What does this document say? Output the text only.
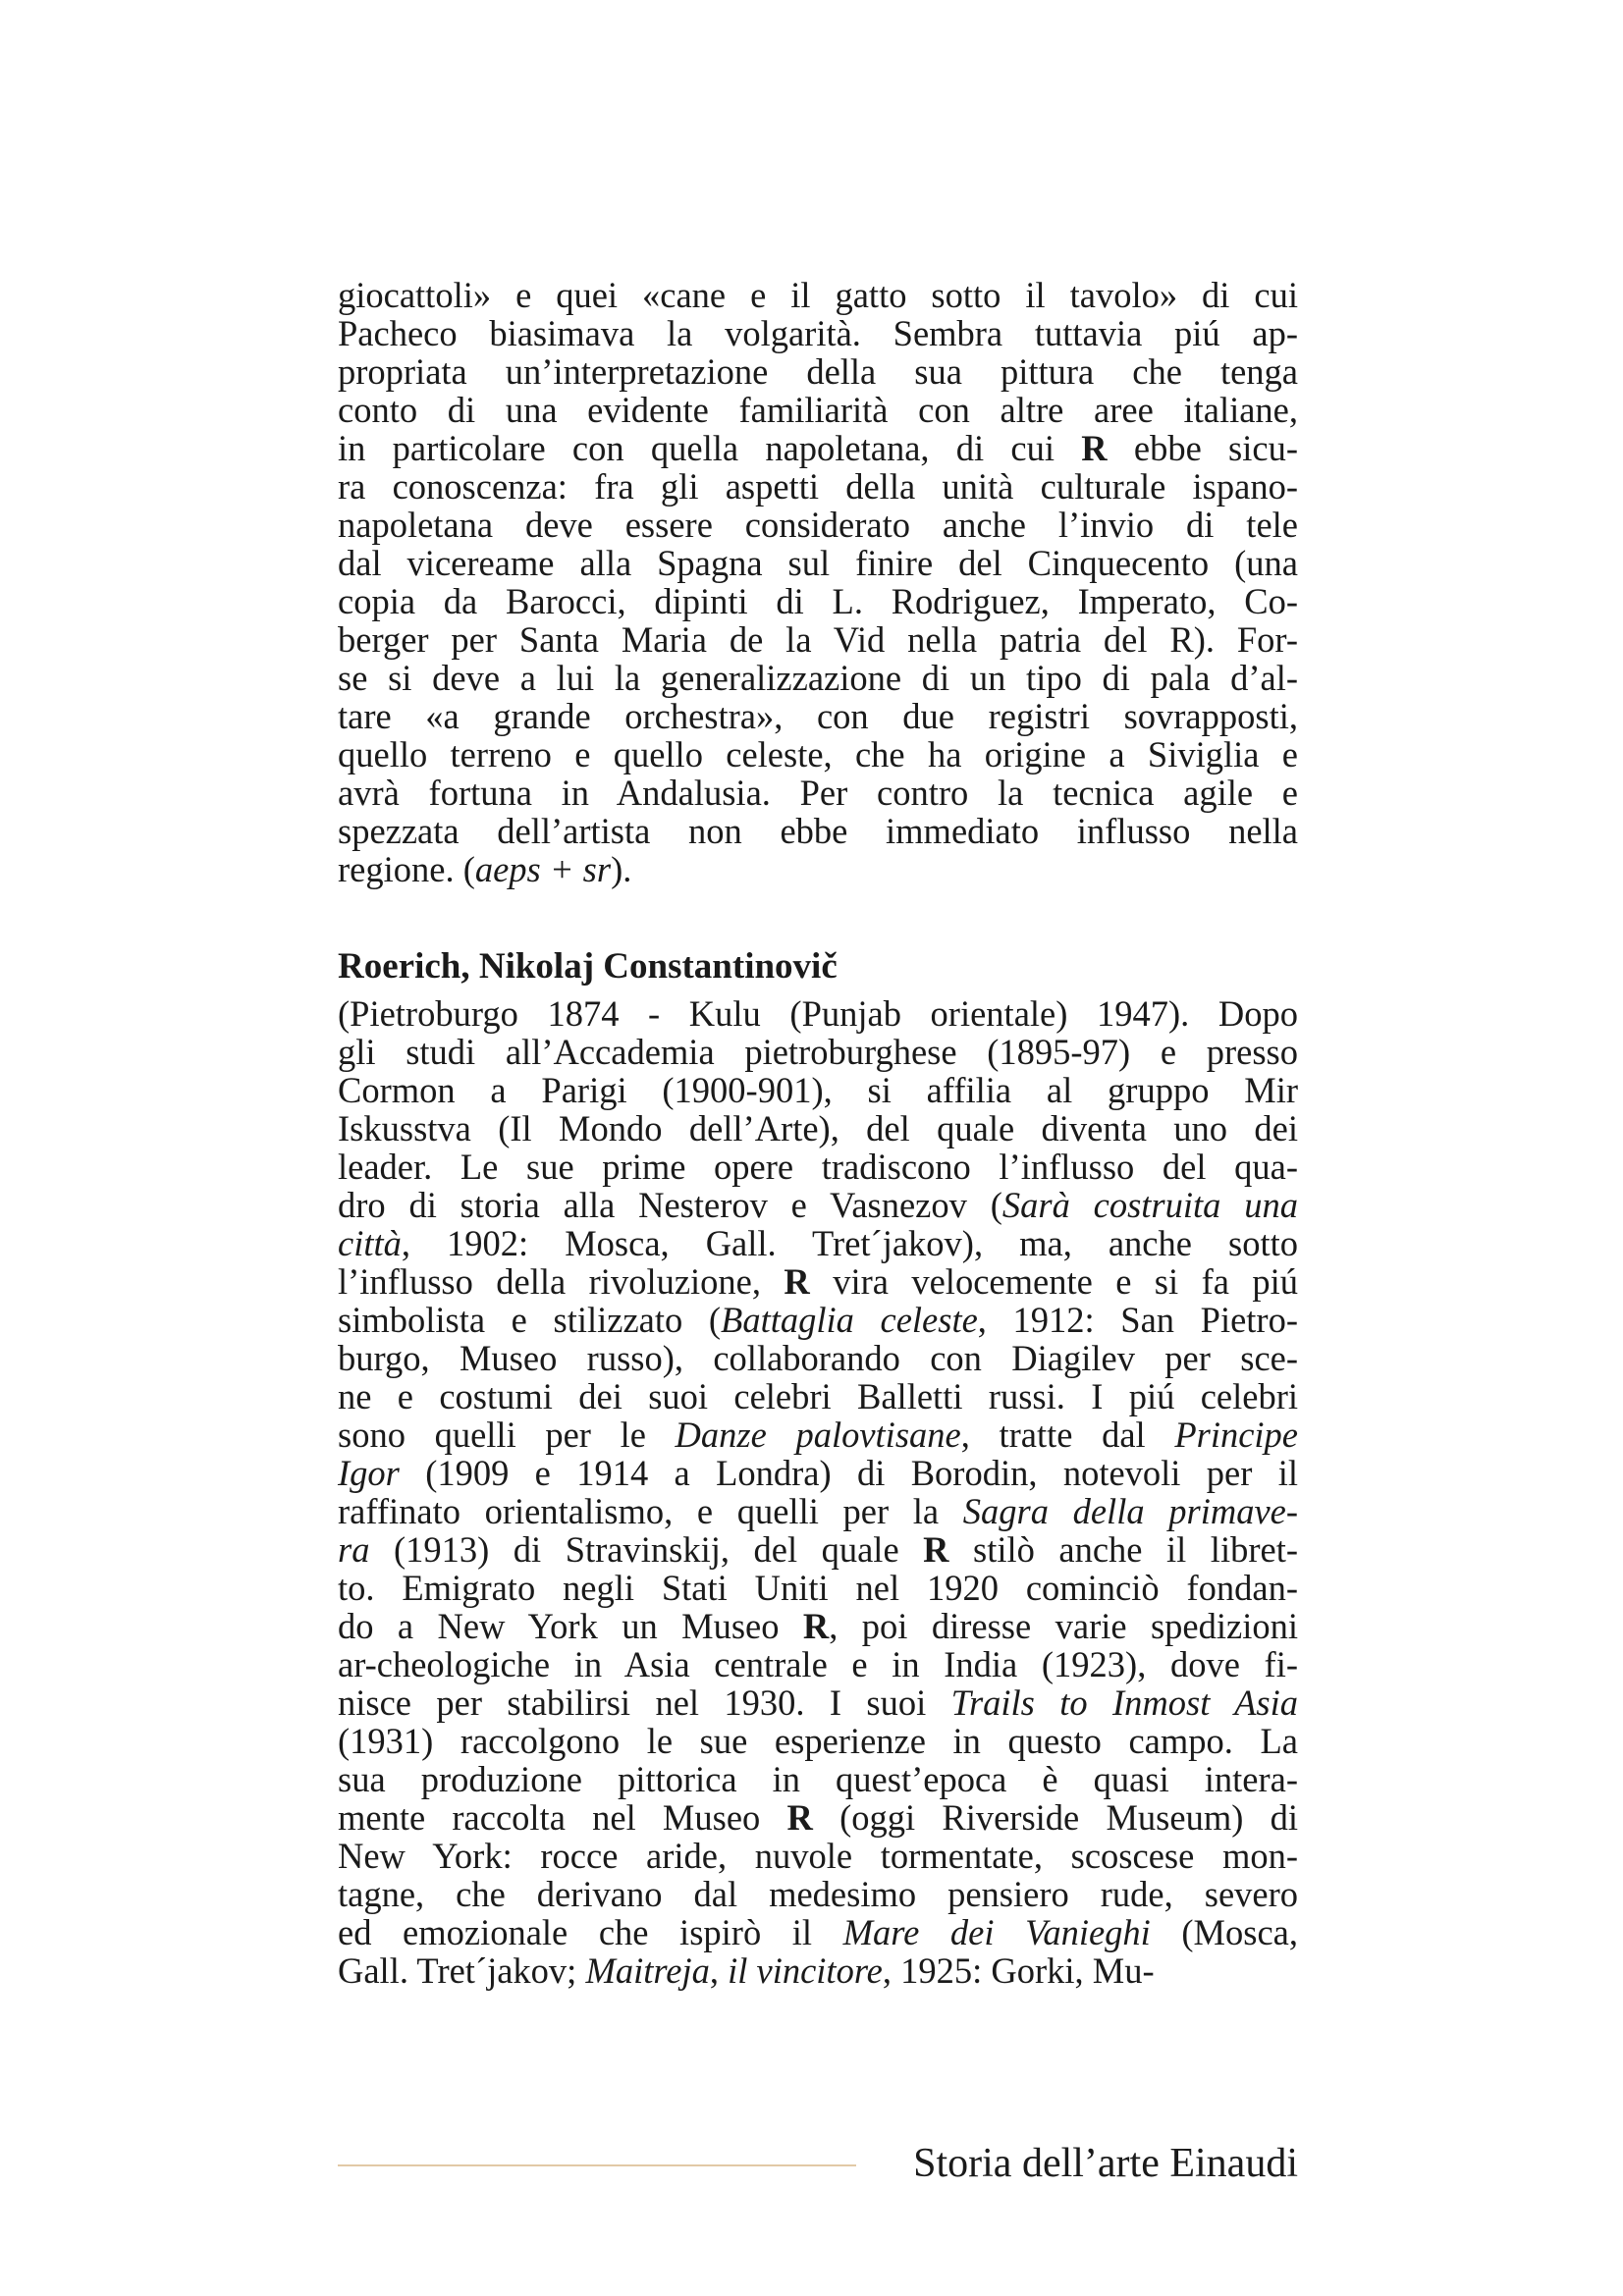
giocattoli» e quei «cane e il gatto sotto il tavolo» di cui
Pacheco biasimava la volgarità. Sembra tuttavia piú ap-
propriata un’interpretazione della sua pittura che tenga
conto di una evidente familiarità con altre aree italiane,
in particolare con quella napoletana, di cui R ebbe sicu-
ra conoscenza: fra gli aspetti della unità culturale ispano-
napoletana deve essere considerato anche l’invio di tele
dal vicereame alla Spagna sul finire del Cinquecento (una
copia da Barocci, dipinti di L. Rodriguez, Imperato, Co-
berger per Santa Maria de la Vid nella patria del R). For-
se si deve a lui la generalizzazione di un tipo di pala d’al-
tare «a grande orchestra», con due registri sovrapposti,
quello terreno e quello celeste, che ha origine a Siviglia e
avrà fortuna in Andalusia. Per contro la tecnica agile e
spezzata dell’artista non ebbe immediato influsso nella
regione. (aeps + sr).
Roerich, Nikolaj Constantinovič
(Pietroburgo 1874 - Kulu (Punjab orientale) 1947). Dopo
gli studi all’Accademia pietroburghese (1895-97) e presso
Cormon a Parigi (1900-901), si affilia al gruppo Mir
Iskusstva (Il Mondo dell’Arte), del quale diventa uno dei
leader. Le sue prime opere tradiscono l’influsso del qua-
dro di storia alla Nesterov e Vasnezov (Sarà costruita una
città, 1902: Mosca, Gall. Tret´jakov), ma, anche sotto
l’influsso della rivoluzione, R vira velocemente e si fa piú
simbolista e stilizzato (Battaglia celeste, 1912: San Pietro-
burgo, Museo russo), collaborando con Diagilev per sce-
ne e costumi dei suoi celebri Balletti russi. I piú celebri
sono quelli per le Danze palovtisane, tratte dal Principe
Igor (1909 e 1914 a Londra) di Borodin, notevoli per il
raffinato orientalismo, e quelli per la Sagra della primave-
ra (1913) di Stravinskij, del quale R stilò anche il libret-
to. Emigrato negli Stati Uniti nel 1920 cominciò fondan-
do a New York un Museo R, poi diresse varie spedizioni
ar-cheologiche in Asia centrale e in India (1923), dove fi-
nisce per stabilirsi nel 1930. I suoi Trails to Inmost Asia
(1931) raccolgono le sue esperienze in questo campo. La
sua produzione pittorica in quest’epoca è quasi intera-
mente raccolta nel Museo R (oggi Riverside Museum) di
New York: rocce aride, nuvole tormentate, scoscese mon-
tagne, che derivano dal medesimo pensiero rude, severo
ed emozionale che ispirò il Mare dei Vanieghi (Mosca,
Gall. Tret´jakov; Maitreja, il vincitore, 1925: Gorki, Mu-
Storia dell’arte Einaudi
